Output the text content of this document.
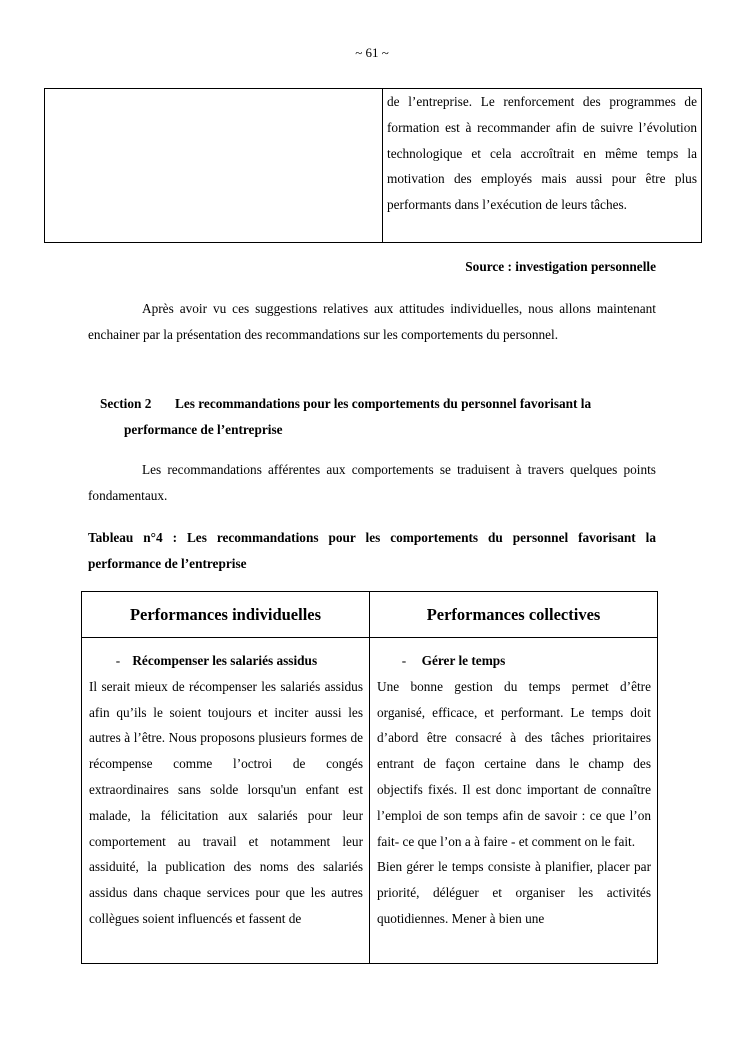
~ 61 ~
de l’entreprise. Le renforcement des programmes de formation est à recommander afin de suivre l’évolution technologique et cela accroîtrait en même temps la motivation des employés mais aussi pour être plus performants dans l’exécution de leurs tâches.
Source : investigation personnelle
Après avoir vu ces suggestions relatives aux attitudes individuelles, nous allons maintenant enchainer par la présentation des recommandations sur les comportements du personnel.
Section 2 Les recommandations pour les comportements du personnel favorisant la
performance de l’entreprise
Les recommandations afférentes aux comportements se traduisent à travers quelques points fondamentaux.
Tableau n°4 : Les recommandations pour les comportements du personnel favorisant la performance de l’entreprise
Performances individuelles	Performances collectives
- Récompenser les salariés assidus

Il serait mieux de récompenser les salariés assidus afin qu’ils le soient toujours et inciter aussi les autres à l’être. Nous proposons plusieurs formes de récompense comme l’octroi de congés extraordinaires sans solde lorsqu'un enfant est malade, la félicitation aux salariés pour leur comportement au travail et notamment leur assiduité, la publication des noms des salariés assidus dans chaque services pour que les autres collègues soient influencés et fassent de

- Gérer le temps

Une bonne gestion du temps permet d’être organisé, efficace, et performant. Le temps doit d’abord être consacré à des tâches prioritaires entrant de façon certaine dans le champ des objectifs fixés. Il est donc important de connaître l’emploi de son temps afin de savoir : ce que l’on fait- ce que l’on a à faire - et comment on le fait.

Bien gérer le temps consiste à planifier, placer par priorité, déléguer et organiser les activités quotidiennes. Mener à bien une
